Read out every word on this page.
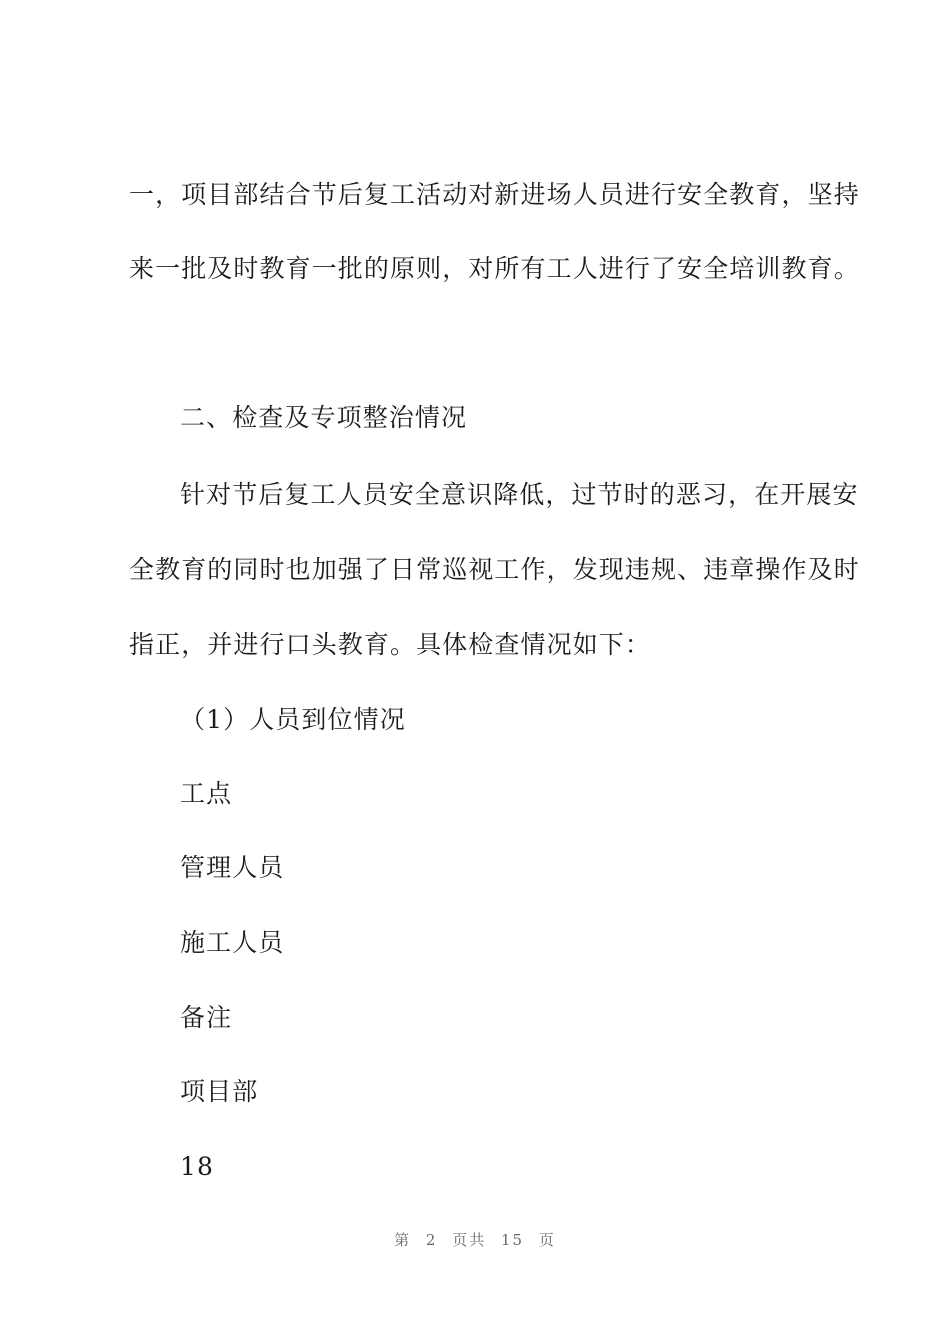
一，项目部结合节后复工活动对新进场人员进行安全教育，坚持
来一批及时教育一批的原则，对所有工人进行了安全培训教育。
二、检查及专项整治情况
针对节后复工人员安全意识降低，过节时的恶习，在开展安
全教育的同时也加强了日常巡视工作，发现违规、违章操作及时
指正，并进行口头教育。具体检查情况如下：
（1）人员到位情况
工点
管理人员
施工人员
备注
项目部
18
第 2 页共 15 页
